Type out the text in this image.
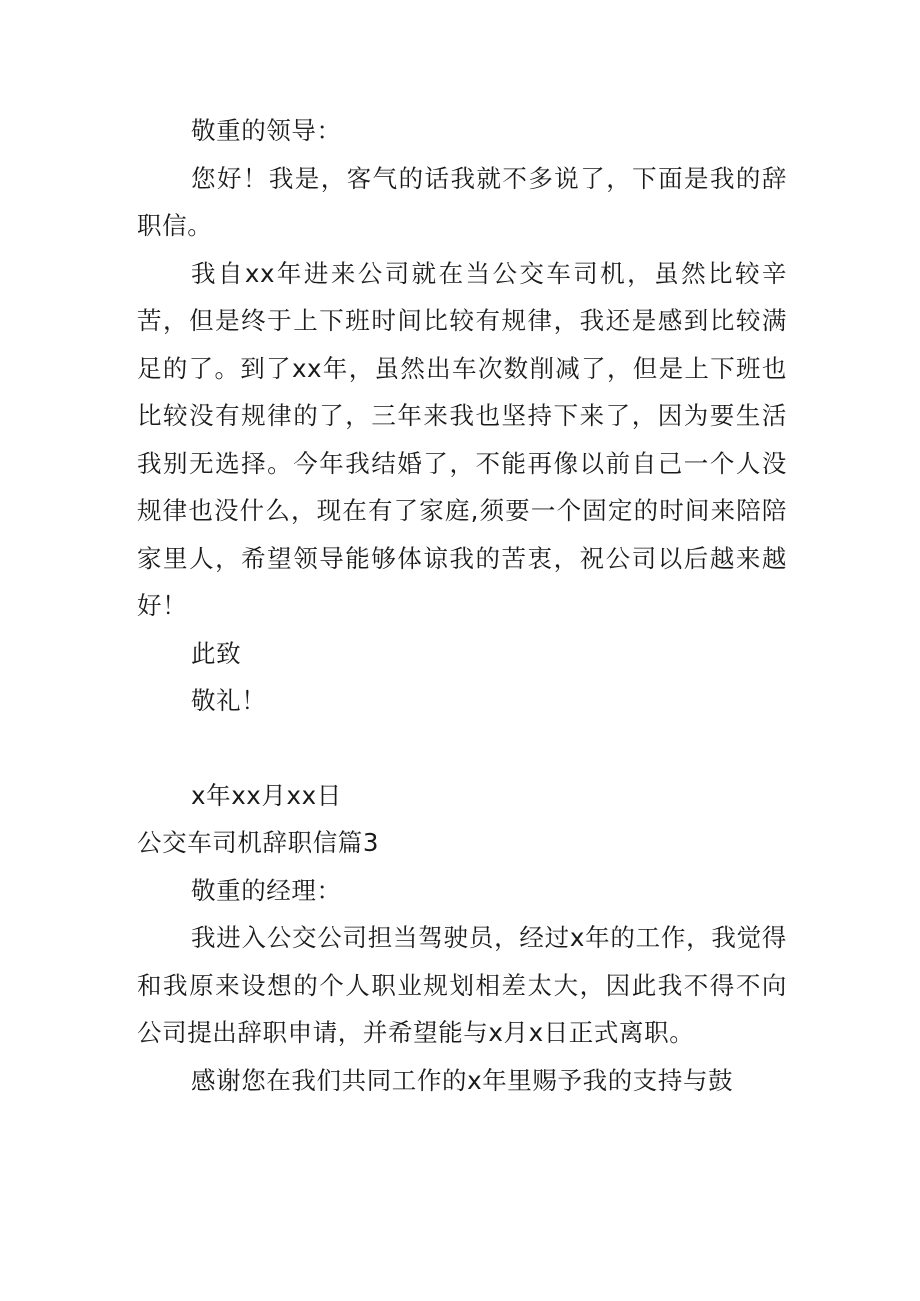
敬重的领导：

您好！我是，客气的话我就不多说了，下面是我的辞职信。

我自xx年进来公司就在当公交车司机，虽然比较辛苦，但是终于上下班时间比较有规律，我还是感到比较满足的了。到了xx年，虽然出车次数削减了，但是上下班也比较没有规律的了，三年来我也坚持下来了，因为要生活我别无选择。今年我结婚了，不能再像以前自己一个人没规律也没什么，现在有了家庭,须要一个固定的时间来陪陪家里人，希望领导能够体谅我的苦衷，祝公司以后越来越好！

此致

敬礼！

x年xx月xx日

公交车司机辞职信篇3

敬重的经理：

我进入公交公司担当驾驶员，经过x年的工作，我觉得和我原来设想的个人职业规划相差太大，因此我不得不向公司提出辞职申请，并希望能与x月x日正式离职。

感谢您在我们共同工作的x年里赐予我的支持与鼓
